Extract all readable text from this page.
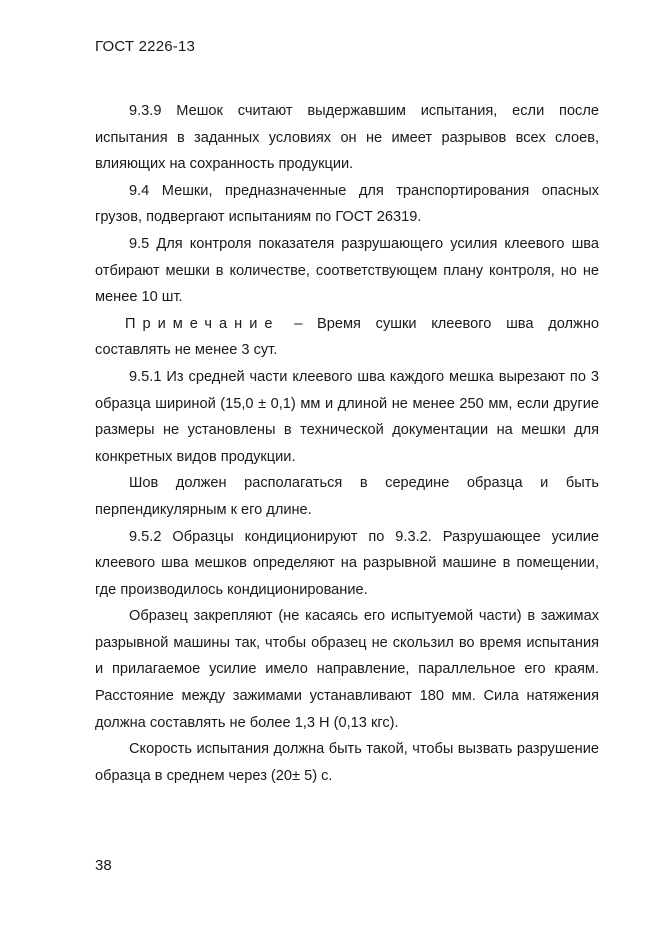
ГОСТ 2226-13

9.3.9 Мешок считают выдержавшим испытания, если после испытания в заданных условиях он не имеет разрывов всех слоев, влияющих на сохранность продукции.

9.4 Мешки, предназначенные для транспортирования опасных грузов, подвергают испытаниям по ГОСТ 26319.

9.5 Для контроля показателя разрушающего усилия клеевого шва отбирают мешки в количестве, соответствующем плану контроля, но не менее 10 шт.

Примечание – Время сушки клеевого шва должно составлять не менее 3 сут.

9.5.1 Из средней части клеевого шва каждого мешка вырезают по 3 образца шириной (15,0 ± 0,1) мм и длиной не менее 250 мм, если другие размеры не установлены в технической документации на мешки для конкретных видов продукции.

Шов должен располагаться в середине образца и быть перпендикулярным к его длине.

9.5.2 Образцы кондиционируют по 9.3.2. Разрушающее усилие клеевого шва мешков определяют на разрывной машине в помещении, где производилось кондиционирование.

Образец закрепляют (не касаясь его испытуемой части) в зажимах разрывной машины так, чтобы образец не скользил во время испытания и прилагаемое усилие имело направление, параллельное его краям. Расстояние между зажимами устанавливают 180 мм. Сила натяжения должна составлять не более 1,3 Н (0,13 кгс).

Скорость испытания должна быть такой, чтобы вызвать разрушение образца в среднем через (20± 5) с.

38
